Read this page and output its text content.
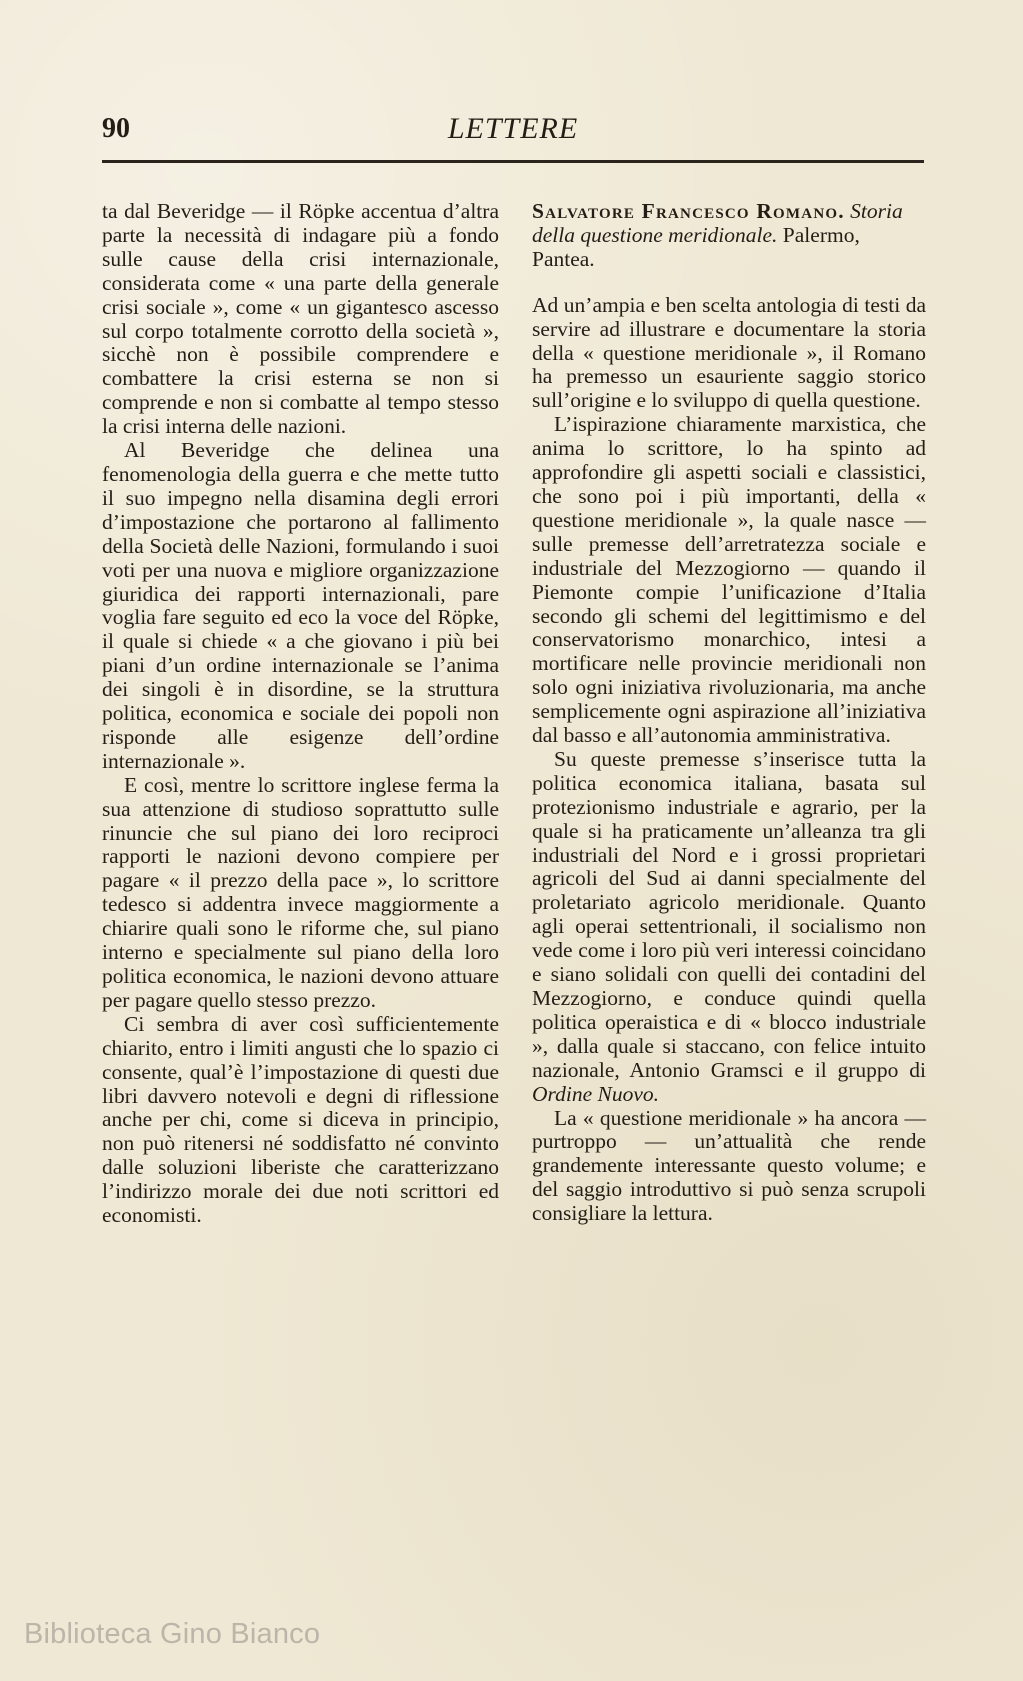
90	LETTERE

ta dal Beveridge — il Röpke accentua d’altra parte la necessità di indagare più a fondo sulle cause della crisi internazionale, considerata come « una parte della generale crisi sociale », come « un gigantesco ascesso sul corpo totalmente corrotto della società », sicchè non è possibile comprendere e combattere la crisi esterna se non si comprende e non si combatte al tempo stesso la crisi interna delle nazioni.

Al Beveridge che delinea una fenomenologia della guerra e che mette tutto il suo impegno nella disamina degli errori d’impostazione che portarono al fallimento della Società delle Nazioni, formulando i suoi voti per una nuova e migliore organizzazione giuridica dei rapporti internazionali, pare voglia fare seguito ed eco la voce del Röpke, il quale si chiede « a che giovano i più bei piani d’un ordine internazionale se l’anima dei singoli è in disordine, se la struttura politica, economica e sociale dei popoli non risponde alle esigenze dell’ordine internazionale ».

E così, mentre lo scrittore inglese ferma la sua attenzione di studioso soprattutto sulle rinuncie che sul piano dei loro reciproci rapporti le nazioni devono compiere per pagare « il prezzo della pace », lo scrittore tedesco si addentra invece maggiormente a chiarire quali sono le riforme che, sul piano interno e specialmente sul piano della loro politica economica, le nazioni devono attuare per pagare quello stesso prezzo.

Ci sembra di aver così sufficientemente chiarito, entro i limiti angusti che lo spazio ci consente, qual’è l’impostazione di questi due libri davvero notevoli e degni di riflessione anche per chi, come si diceva in principio, non può ritenersi né soddisfatto né convinto dalle soluzioni liberiste che caratterizzano l’indirizzo morale dei due noti scrittori ed economisti.

Salvatore Francesco Romano. Storia della questione meridionale. Palermo, Pantea.

Ad un’ampia e ben scelta antologia di testi da servire ad illustrare e documentare la storia della « questione meridionale », il Romano ha premesso un esauriente saggio storico sull’origine e lo sviluppo di quella questione.

L’ispirazione chiaramente marxistica, che anima lo scrittore, lo ha spinto ad approfondire gli aspetti sociali e classistici, che sono poi i più importanti, della « questione meridionale », la quale nasce — sulle premesse dell’arretratezza sociale e industriale del Mezzogiorno — quando il Piemonte compie l’unificazione d’Italia secondo gli schemi del legittimismo e del conservatorismo monarchico, intesi a mortificare nelle provincie meridionali non solo ogni iniziativa rivoluzionaria, ma anche semplicemente ogni aspirazione all’iniziativa dal basso e all’autonomia amministrativa.

Su queste premesse s’inserisce tutta la politica economica italiana, basata sul protezionismo industriale e agrario, per la quale si ha praticamente un’alleanza tra gli industriali del Nord e i grossi proprietari agricoli del Sud ai danni specialmente del proletariato agricolo meridionale. Quanto agli operai settentrionali, il socialismo non vede come i loro più veri interessi coincidano e siano solidali con quelli dei contadini del Mezzogiorno, e conduce quindi quella politica operaistica e di « blocco industriale », dalla quale si staccano, con felice intuito nazionale, Antonio Gramsci e il gruppo di Ordine Nuovo.

La « questione meridionale » ha ancora — purtroppo — un’attualità che rende grandemente interessante questo volume; e del saggio introduttivo si può senza scrupoli consigliare la lettura.

Biblioteca Gino Bianco
